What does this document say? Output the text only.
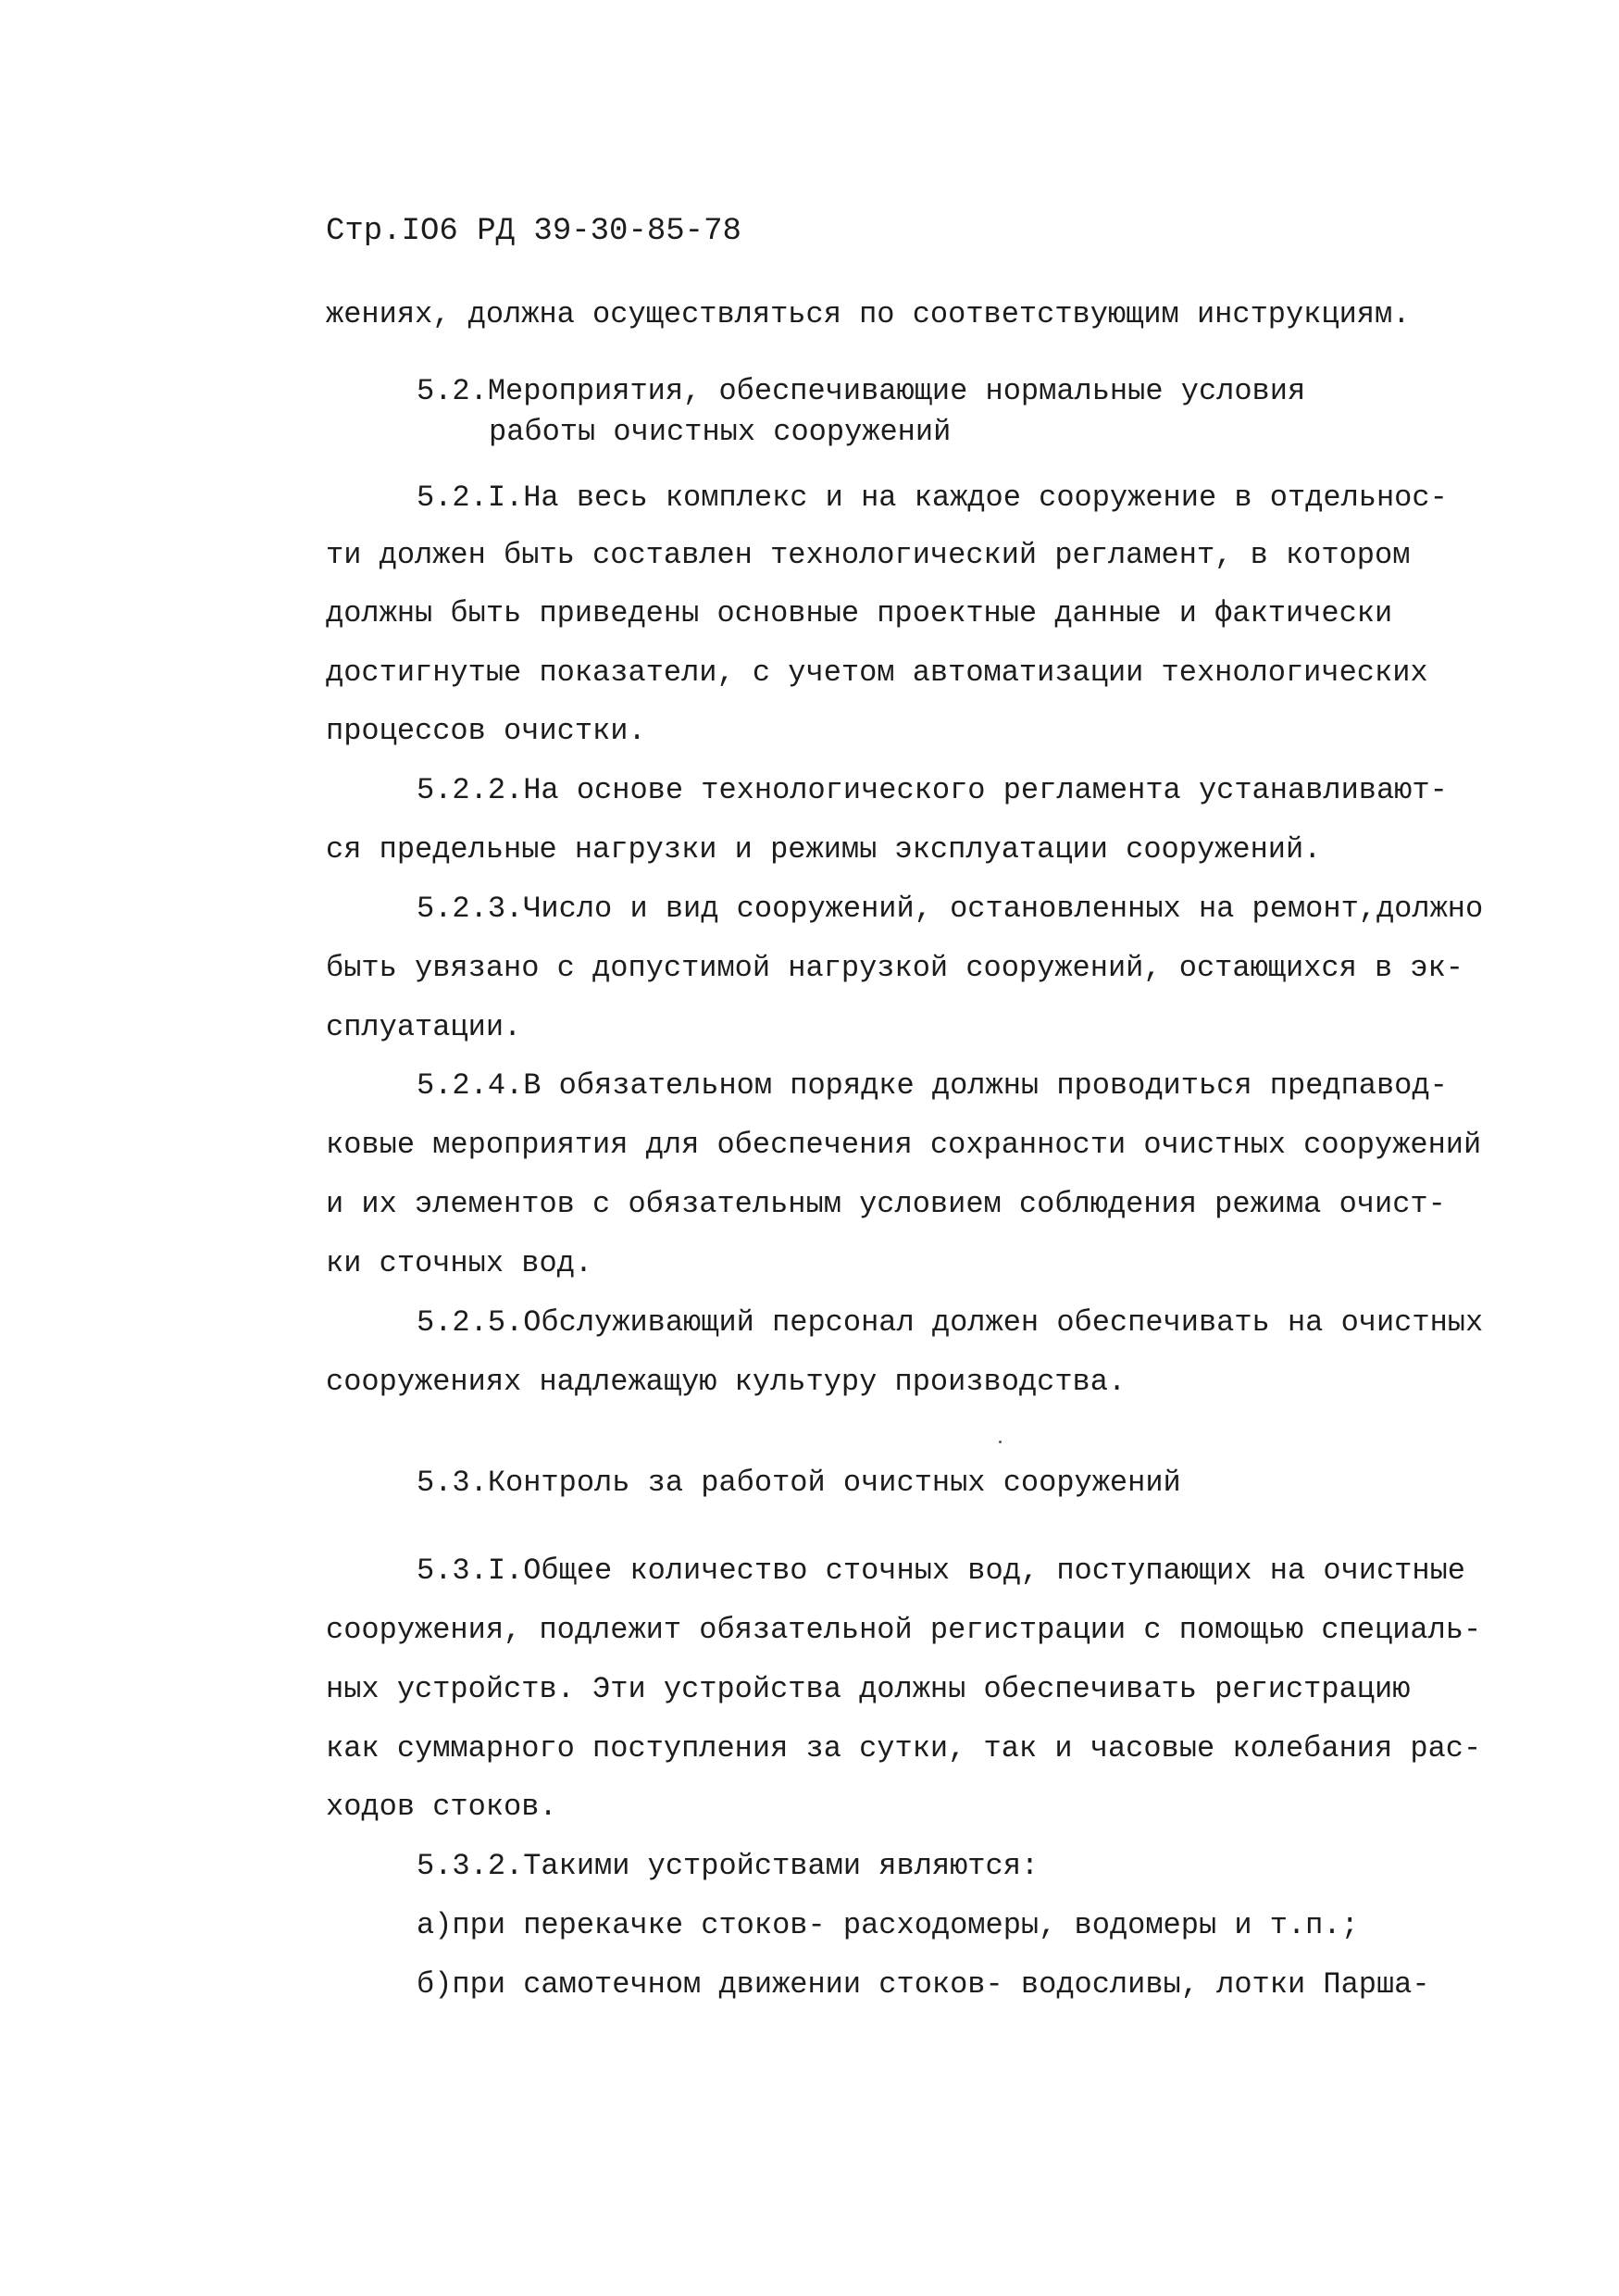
Стр.IO6 РД 39-30-85-78
жениях, должна осуществляться по соответствующим инструкциям.
5.2.Мероприятия, обеспечивающие нормальные условия
работы очистных сооружений
5.2.I.На весь комплекс и на каждое сооружение в отдельнос-
ти должен быть составлен технологический регламент, в котором
должны быть приведены основные проектные данные и фактически
достигнутые показатели, с учетом автоматизации технологических
процессов очистки.
5.2.2.На основе технологического регламента устанавливают-
ся предельные нагрузки и режимы эксплуатации сооружений.
5.2.3.Число и вид сооружений, остановленных на ремонт,должно
быть увязано с допустимой нагрузкой сооружений, остающихся в эк-
сплуатации.
5.2.4.В обязательном порядке должны проводиться предпавод-
ковые мероприятия для обеспечения сохранности очистных сооружений
и их элементов с обязательным условием соблюдения режима очист-
ки сточных вод.
5.2.5.Обслуживающий персонал должен обеспечивать на очистных
сооружениях надлежащую культуру производства.
5.3.Контроль за работой очистных сооружений
5.3.I.Общее количество сточных вод, поступающих на очистные
сооружения, подлежит обязательной регистрации с помощью специаль-
ных устройств. Эти устройства должны обеспечивать регистрацию
как суммарного поступления за сутки, так и часовые колебания рас-
ходов стоков.
5.3.2.Такими устройствами являются:
а)при перекачке стоков- расходомеры, водомеры и т.п.;
б)при самотечном движении стоков- водосливы, лотки Парша-
